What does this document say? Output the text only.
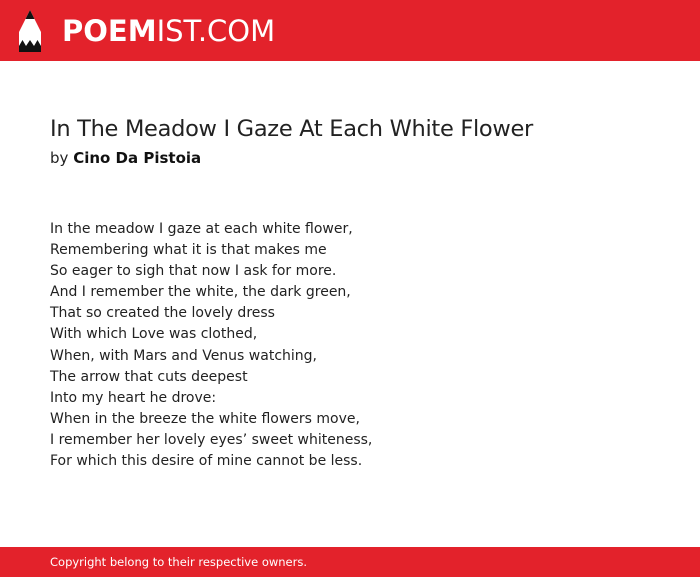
POEMIST.COM
In The Meadow I Gaze At Each White Flower
by Cino Da Pistoia
In the meadow I gaze at each white flower,
Remembering what it is that makes me
So eager to sigh that now I ask for more.
And I remember the white, the dark green,
That so created the lovely dress
With which Love was clothed,
When, with Mars and Venus watching,
The arrow that cuts deepest
Into my heart he drove:
When in the breeze the white flowers move,
I remember her lovely eyes’ sweet whiteness,
For which this desire of mine cannot be less.
Copyright belong to their respective owners.
